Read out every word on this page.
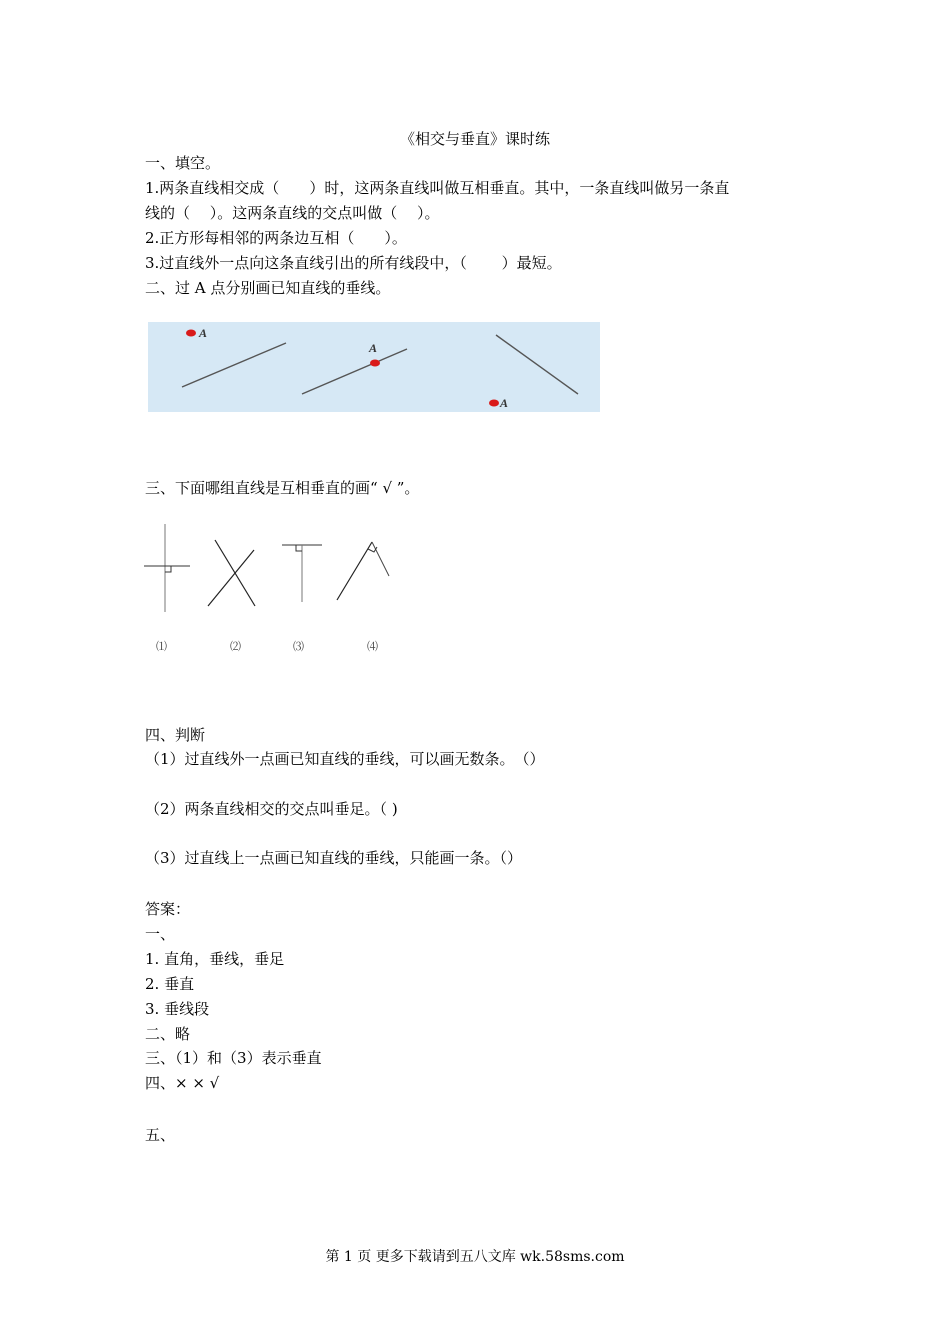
《相交与垂直》课时练
一、填空。
1.两条直线相交成（　　）时，这两条直线叫做互相垂直。其中，一条直线叫做另一条直
线的（　 ）。这两条直线的交点叫做（　 ）。
2.正方形每相邻的两条边互相（　　）。
3.过直线外一点向这条直线引出的所有线段中，（　　 ）最短。
二、过 A 点分别画已知直线的垂线。
A
A
A
三、下面哪组直线是互相垂直的画“ √ ”。
⑴	⑵	⑶	⑷
四、判断
（1）过直线外一点画已知直线的垂线，可以画无数条。　（）
（2）两条直线相交的交点叫垂足。（ )
（3）过直线上一点画已知直线的垂线，只能画一条。（）
答案：
一、
1. 直角，垂线，垂足
2. 垂直
3. 垂线段
二、略
三、（1）和（3）表示垂直
四、× × √
五、
第 1 页 更多下载请到五八文库 wk.58sms.com
